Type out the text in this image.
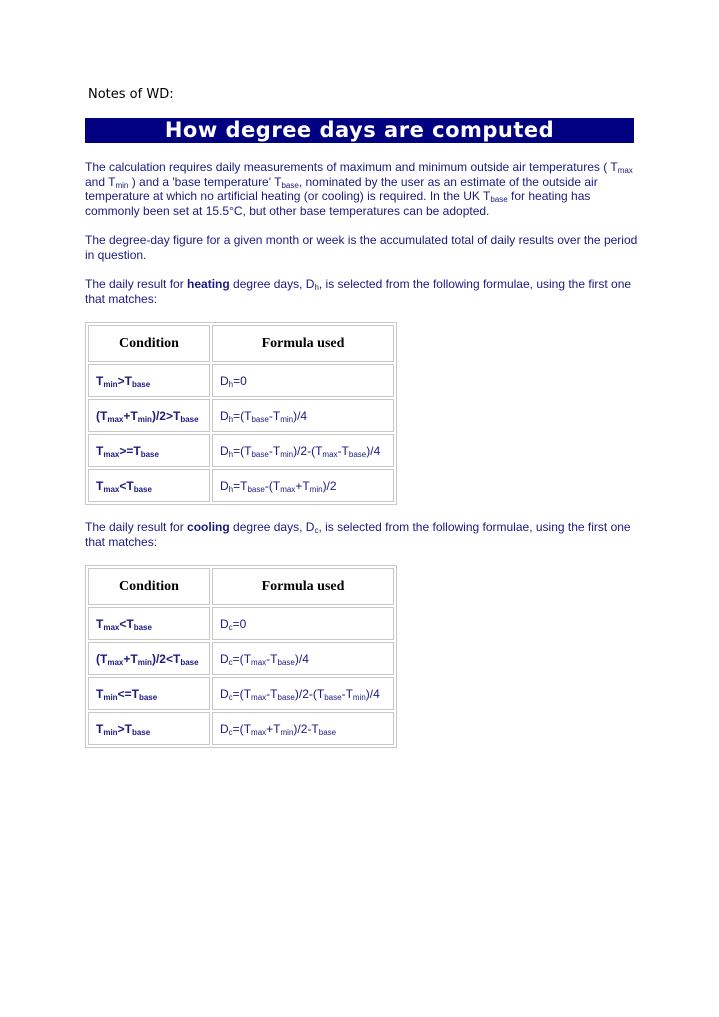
Notes of WD:
How degree days are computed

The calculation requires daily measurements of maximum and minimum outside air temperatures ( $T_{max}$ and $T_{min}$ ) and a 'base temperature' $T_{base}$, nominated by the user as an estimate of the outside air temperature at which no artificial heating (or cooling) is required. In the UK $T_{base}$ for heating has commonly been set at 15.5°C, but other base temperatures can be adopted.

The degree-day figure for a given month or week is the accumulated total of daily results over the period in question.

The daily result for heating degree days, $D_h$, is selected from the following formulae, using the first one that matches:

Condition	Formula used
$T_{min}>T_{base}$	$D_h=0$
$(T_{max}+T_{min})/2>T_{base}$	$D_h=(T_{base}-T_{min})/4$
$T_{max}>=T_{base}$	$D_h=(T_{base}-T_{min})/2-(T_{max}-T_{base})/4$
$T_{max}<T_{base}$	$D_h=T_{base}-(T_{max}+T_{min})/2$

The daily result for cooling degree days, $D_c$, is selected from the following formulae, using the first one that matches:

Condition	Formula used
$T_{max}<T_{base}$	$D_c=0$
$(T_{max}+T_{min})/2<T_{base}$	$D_c=(T_{max}-T_{base})/4$
$T_{min}<=T_{base}$	$D_c=(T_{max}-T_{base})/2-(T_{base}-T_{min})/4$
$T_{min}>T_{base}$	$D_c=(T_{max}+T_{min})/2-T_{base}$
